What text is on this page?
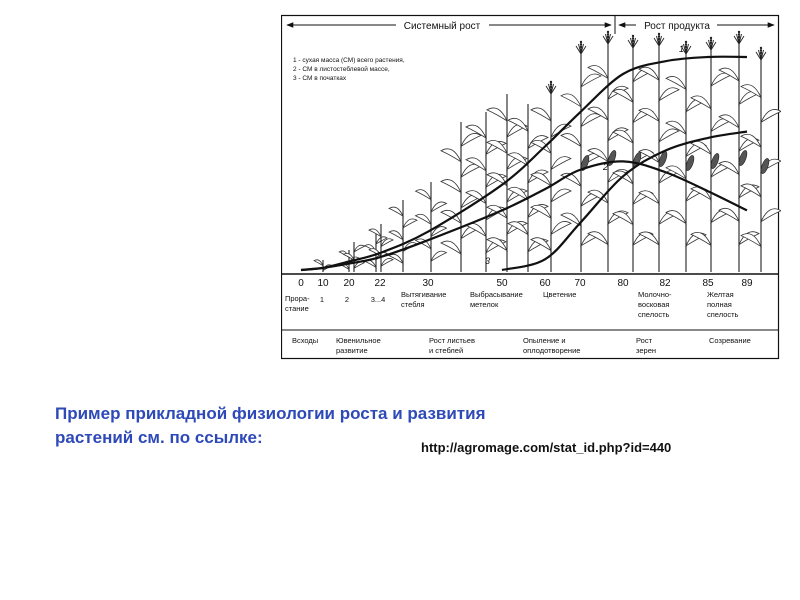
Системный рост	Рост продукта
1 - сухая масса (СМ) всего растения,
2 - СМ в листостеблевой массе,
3 - СМ в початках
1
2
3
0 10 20 22	30	50	60 70	80	82	85	89
Прора-
стание
1	2	3...4
Вытягивание
стебля
Выбрасывание
метелок
Цветение	Молочно-
восковая
спелость
Желтая
полная
спелость
Всходы Ювенильное
развитие
Рост листьев
и стеблей
Опыление и
оплодотворение
Рост
зерен
Созревание

Пример прикладной физиологии роста и развития
растений см. по ссылке:

http://agromage.com/stat_id.php?id=440
